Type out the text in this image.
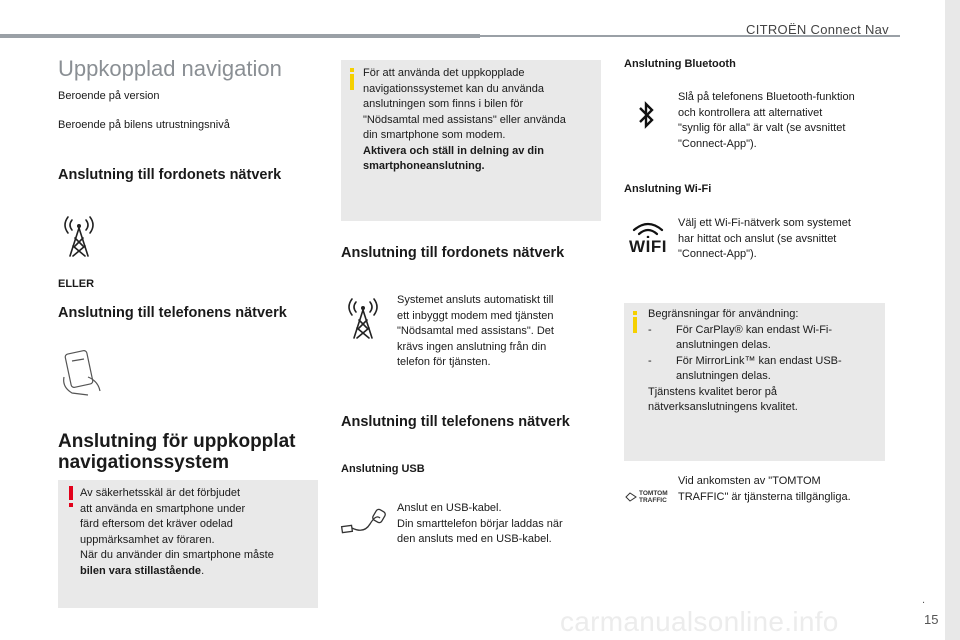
CITROËN Connect Nav
Uppkopplad navigation
Beroende på version
Beroende på bilens utrustningsnivå
Anslutning till fordonets nätverk
ELLER
Anslutning till telefonens nätverk
Anslutning för uppkopplat
navigationssystem
Av säkerhetsskäl är det förbjudet
att använda en smartphone under
färd eftersom det kräver odelad
uppmärksamhet av föraren.
När du använder din smartphone måste
bilen vara stillastående.
För att använda det uppkopplade
navigationssystemet kan du använda
anslutningen som finns i bilen för
"Nödsamtal med assistans" eller använda
din smartphone som modem.
Aktivera och ställ in delning av din
smartphoneanslutning.
Anslutning till fordonets nätverk
Systemet ansluts automatiskt till
ett inbyggt modem med tjänsten
"Nödsamtal med assistans". Det
krävs ingen anslutning från din
telefon för tjänsten.
Anslutning till telefonens nätverk
Anslutning USB
Anslut en USB-kabel.
Din smarttelefon börjar laddas när
den ansluts med en USB-kabel.
Anslutning Bluetooth
Slå på telefonens Bluetooth-funktion
och kontrollera att alternativet
"synlig för alla" är valt (se avsnittet
"Connect-App").
Anslutning Wi-Fi
WIFI
Välj ett Wi-Fi-nätverk som systemet
har hittat och anslut (se avsnittet
"Connect-App").
Begränsningar för användning:
-	För CarPlay® kan endast Wi-Fi-
anslutningen delas.
-	För MirrorLink™ kan endast USB-
anslutningen delas.
Tjänstens kvalitet beror på
nätverksanslutningens kvalitet.
TOMTOM
TRAFFIC
Vid ankomsten av "TOMTOM
TRAFFIC" är tjänsterna tillgängliga.
carmanualsonline.info
.
15
